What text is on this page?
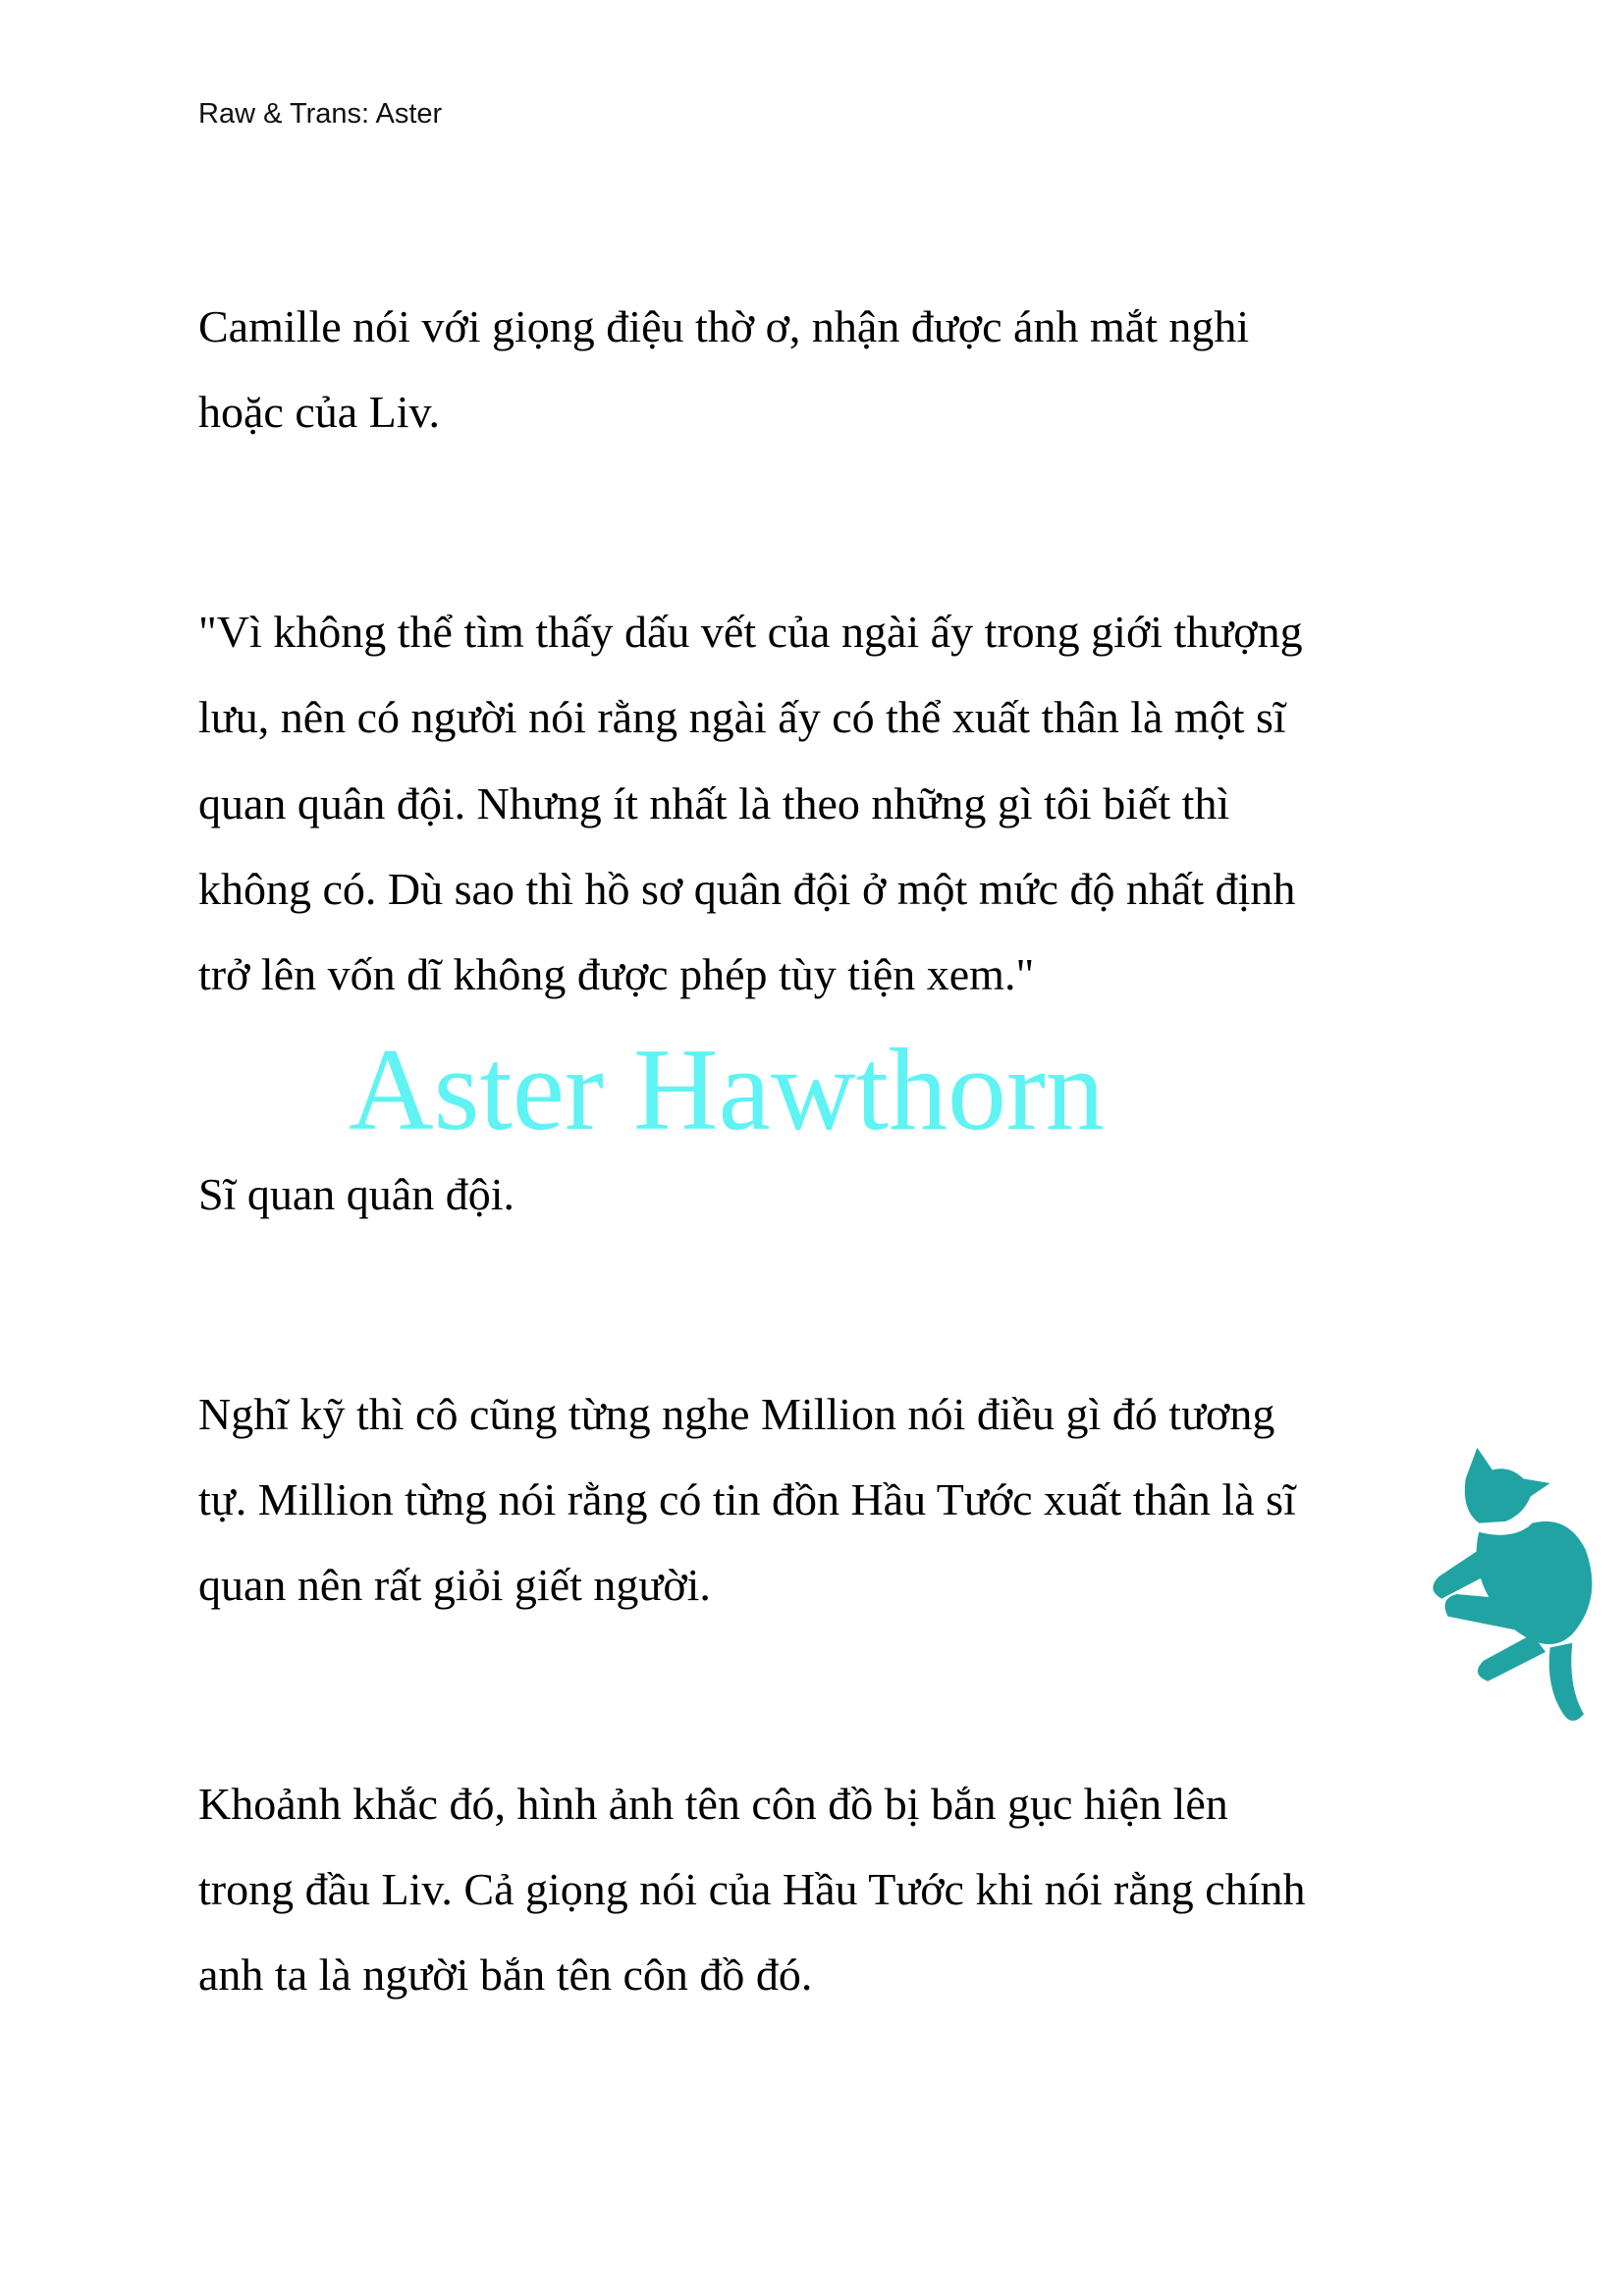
Raw & Trans: Aster
Camille nói với giọng điệu thờ ơ, nhận được ánh mắt nghi
hoặc của Liv.
"Vì không thể tìm thấy dấu vết của ngài ấy trong giới thượng
lưu, nên có người nói rằng ngài ấy có thể xuất thân là một sĩ
quan quân đội. Nhưng ít nhất là theo những gì tôi biết thì
không có. Dù sao thì hồ sơ quân đội ở một mức độ nhất định
trở lên vốn dĩ không được phép tùy tiện xem."
Sĩ quan quân đội.
Nghĩ kỹ thì cô cũng từng nghe Million nói điều gì đó tương
tự. Million từng nói rằng có tin đồn Hầu Tước xuất thân là sĩ
quan nên rất giỏi giết người.
Khoảnh khắc đó, hình ảnh tên côn đồ bị bắn gục hiện lên
trong đầu Liv. Cả giọng nói của Hầu Tước khi nói rằng chính
anh ta là người bắn tên côn đồ đó.
Aster Hawthorn
